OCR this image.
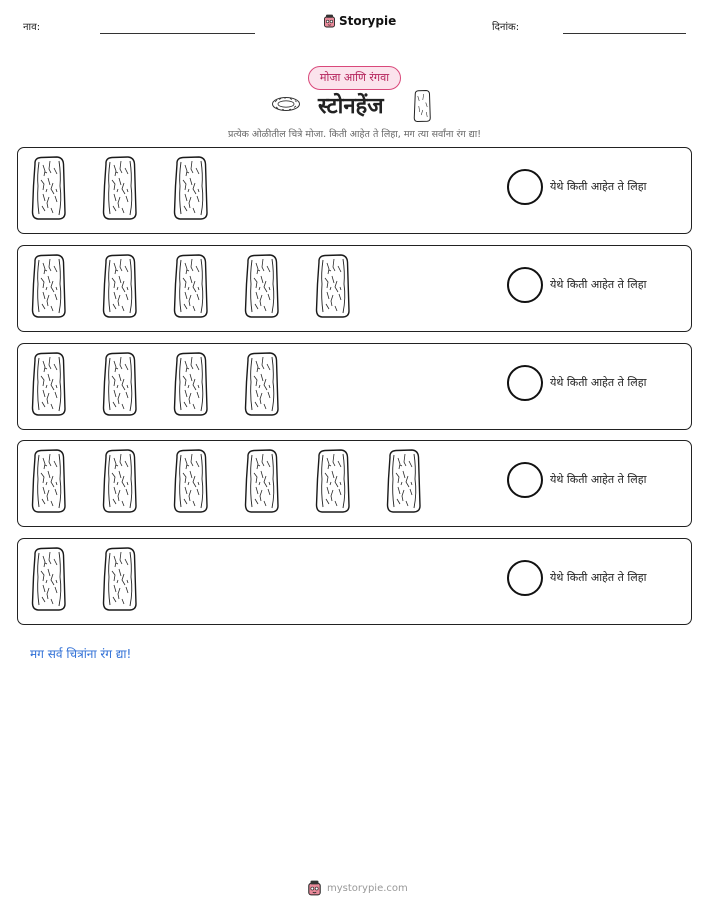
नाव:	Storypie	दिनांक:
मोजा आणि रंगवा
स्टोनहेंज
प्रत्येक ओळीतील चित्रे मोजा. किती आहेत ते लिहा, मग त्या सर्वांना रंग द्या!
येथे किती आहेत ते लिहा
येथे किती आहेत ते लिहा
येथे किती आहेत ते लिहा
येथे किती आहेत ते लिहा
येथे किती आहेत ते लिहा
मग सर्व चित्रांना रंग द्या!
mystorypie.com
